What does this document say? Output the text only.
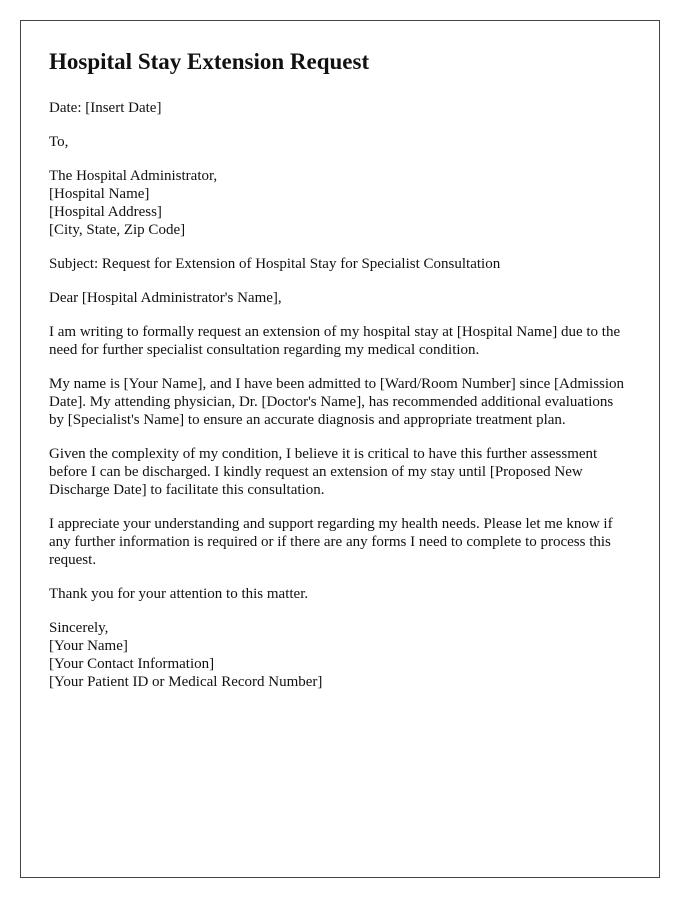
Hospital Stay Extension Request

Date: [Insert Date]

To,

The Hospital Administrator,
[Hospital Name]
[Hospital Address]
[City, State, Zip Code]

Subject: Request for Extension of Hospital Stay for Specialist Consultation

Dear [Hospital Administrator's Name],

I am writing to formally request an extension of my hospital stay at [Hospital Name] due to the need for further specialist consultation regarding my medical condition.

My name is [Your Name], and I have been admitted to [Ward/Room Number] since [Admission Date]. My attending physician, Dr. [Doctor's Name], has recommended additional evaluations by [Specialist's Name] to ensure an accurate diagnosis and appropriate treatment plan.

Given the complexity of my condition, I believe it is critical to have this further assessment before I can be discharged. I kindly request an extension of my stay until [Proposed New Discharge Date] to facilitate this consultation.

I appreciate your understanding and support regarding my health needs. Please let me know if any further information is required or if there are any forms I need to complete to process this request.

Thank you for your attention to this matter.

Sincerely,
[Your Name]
[Your Contact Information]
[Your Patient ID or Medical Record Number]
